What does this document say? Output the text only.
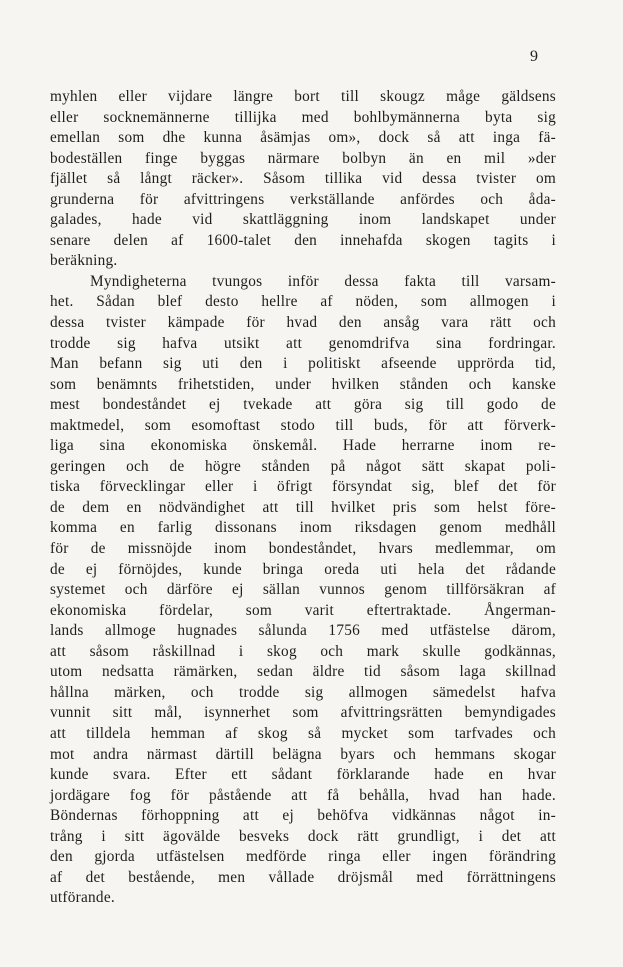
9
myhlen eller vijdare längre bort till skougz måge gäldsens
eller socknemännerne tillijka med bohlbymännerna byta sig
emellan som dhe kunna åsämjas om», dock så att inga fä-
bodeställen finge byggas närmare bolbyn än en mil »der
fjället så långt räcker». Såsom tillika vid dessa tvister om
grunderna för afvittringens verkställande anfördes och åda-
galades, hade vid skattläggning inom landskapet under
senare delen af 1600-talet den innehafda skogen tagits i
beräkning.
Myndigheterna tvungos inför dessa fakta till varsam-
het. Sådan blef desto hellre af nöden, som allmogen i
dessa tvister kämpade för hvad den ansåg vara rätt och
trodde sig hafva utsikt att genomdrifva sina fordringar.
Man befann sig uti den i politiskt afseende upprörda tid,
som benämnts frihetstiden, under hvilken stånden och kanske
mest bondeståndet ej tvekade att göra sig till godo de
maktmedel, som esomoftast stodo till buds, för att förverk-
liga sina ekonomiska önskemål. Hade herrarne inom re-
geringen och de högre stånden på något sätt skapat poli-
tiska förvecklingar eller i öfrigt försyndat sig, blef det för
de dem en nödvändighet att till hvilket pris som helst före-
komma en farlig dissonans inom riksdagen genom medhåll
för de missnöjde inom bondeståndet, hvars medlemmar, om
de ej förnöjdes, kunde bringa oreda uti hela det rådande
systemet och därföre ej sällan vunnos genom tillförsäkran af
ekonomiska fördelar, som varit eftertraktade. Ångerman-
lands allmoge hugnades sålunda 1756 med utfästelse därom,
att såsom råskillnad i skog och mark skulle godkännas,
utom nedsatta rämärken, sedan äldre tid såsom laga skillnad
hållna märken, och trodde sig allmogen sämedelst hafva
vunnit sitt mål, isynnerhet som afvittringsrätten bemyndigades
att tilldela hemman af skog så mycket som tarfvades och
mot andra närmast därtill belägna byars och hemmans skogar
kunde svara. Efter ett sådant förklarande hade en hvar
jordägare fog för påstående att få behålla, hvad han hade.
Böndernas förhoppning att ej behöfva vidkännas något in-
trång i sitt ägovälde besveks dock rätt grundligt, i det att
den gjorda utfästelsen medförde ringa eller ingen förändring
af det bestående, men vållade dröjsmål med förrättningens
utförande.
